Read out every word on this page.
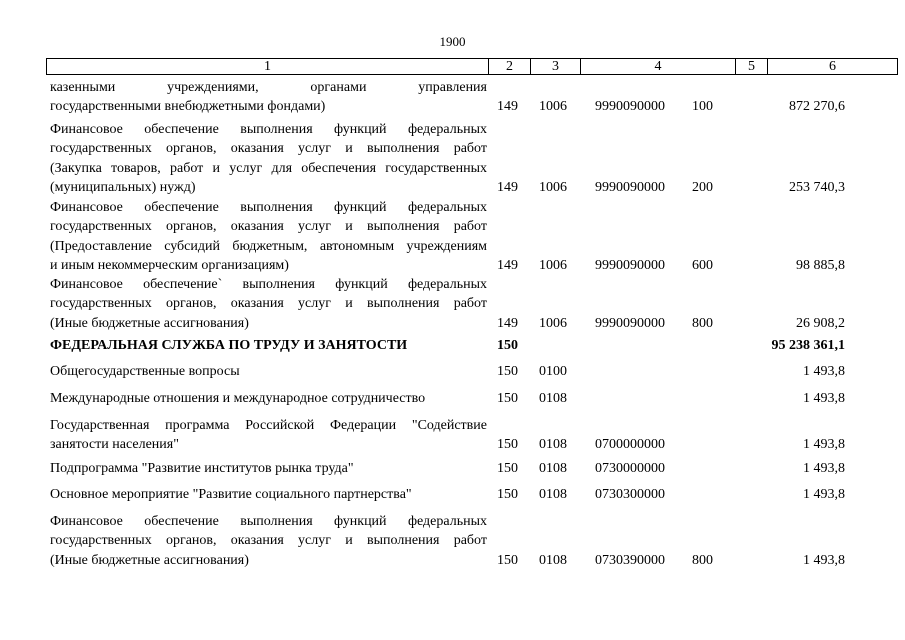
1900
1	2	3	4	5	6
казенными учреждениями, органами управления
государственными внебюджетными фондами)	149 1006 9990090000 100	872 270,6
Финансовое обеспечение выполнения функций федеральных
государственных органов, оказания услуг и выполнения работ
(Закупка товаров, работ и услуг для обеспечения государственных
(муниципальных) нужд)	149 1006 9990090000 200	253 740,3
Финансовое обеспечение выполнения функций федеральных
государственных органов, оказания услуг и выполнения работ
(Предоставление субсидий бюджетным, автономным учреждениям
и иным некоммерческим организациям)	149 1006 9990090000 600	98 885,8
Финансовое обеспечение` выполнения функций федеральных
государственных органов, оказания услуг и выполнения работ
(Иные бюджетные ассигнования)	149 1006 9990090000 800	26 908,2
ФЕДЕРАЛЬНАЯ СЛУЖБА ПО ТРУДУ И ЗАНЯТОСТИ	150	95 238 361,1
Общегосударственные вопросы	150 0100	1 493,8
Международные отношения и международное сотрудничество	150 0108	1 493,8
Государственная программа Российской Федерации "Содействие
занятости населения"	150 0108 0700000000	1 493,8
Подпрограмма "Развитие институтов рынка труда"	150 0108 0730000000	1 493,8
Основное мероприятие "Развитие социального партнерства"	150 0108 0730300000	1 493,8
Финансовое обеспечение выполнения функций федеральных
государственных органов, оказания услуг и выполнения работ
(Иные бюджетные ассигнования)	150 0108 0730390000 800	1 493,8
